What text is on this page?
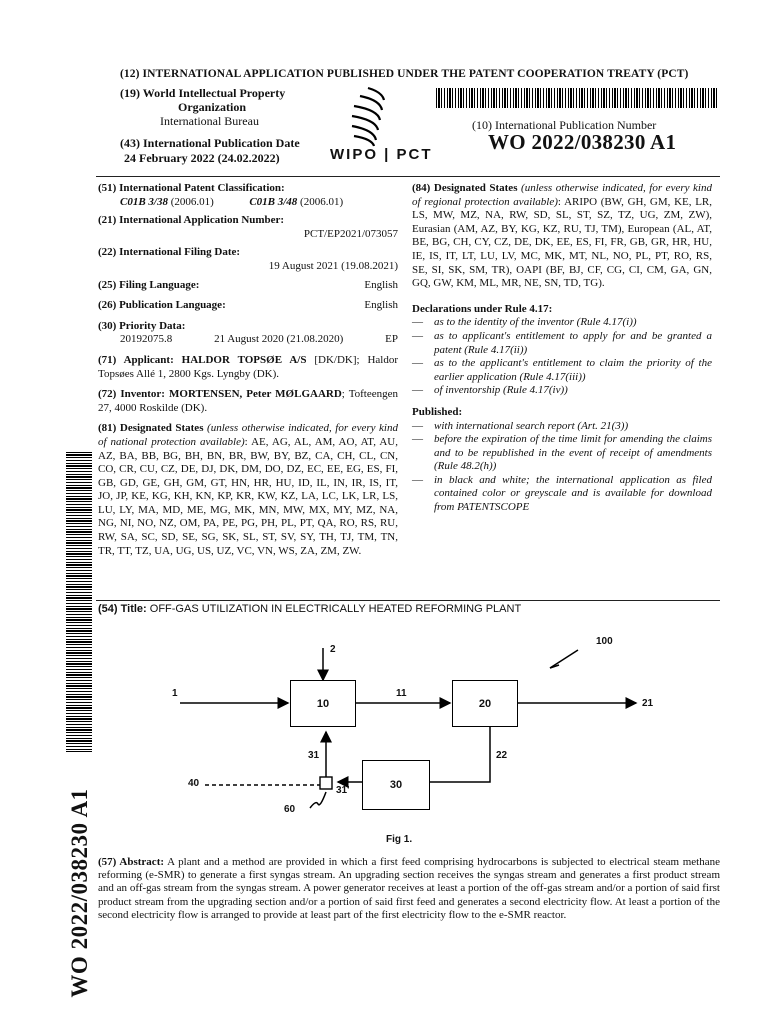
(12) INTERNATIONAL APPLICATION PUBLISHED UNDER THE PATENT COOPERATION TREATY (PCT)
(19) World Intellectual Property
Organization
International Bureau
(43) International Publication Date
24 February 2022 (24.02.2022)	WIPO | PCT
(10) International Publication Number
WO 2022/038230 A1
(51) International Patent Classification:
C01B 3/38 (2006.01)	C01B 3/48 (2006.01)
(21) International Application Number:
PCT/EP2021/073057
(22) International Filing Date:
19 August 2021 (19.08.2021)
(25) Filing Language:	English
(26) Publication Language:	English
(30) Priority Data:
20192075.8	21 August 2020 (21.08.2020)	EP
(71) Applicant: HALDOR TOPSØE A/S [DK/DK]; Haldor Topsøes Allé 1, 2800 Kgs. Lyngby (DK).
(72) Inventor: MORTENSEN, Peter MØLGAARD; Tofteengen 27, 4000 Roskilde (DK).
(81) Designated States (unless otherwise indicated, for every kind of national protection available): AE, AG, AL, AM, AO, AT, AU, AZ, BA, BB, BG, BH, BN, BR, BW, BY, BZ, CA, CH, CL, CN, CO, CR, CU, CZ, DE, DJ, DK, DM, DO, DZ, EC, EE, EG, ES, FI, GB, GD, GE, GH, GM, GT, HN, HR, HU, ID, IL, IN, IR, IS, IT, JO, JP, KE, KG, KH, KN, KP, KR, KW, KZ, LA, LC, LK, LR, LS, LU, LY, MA, MD, ME, MG, MK, MN, MW, MX, MY, MZ, NA, NG, NI, NO, NZ, OM, PA, PE, PG, PH, PL, PT, QA, RO, RS, RU, RW, SA, SC, SD, SE, SG, SK, SL, ST, SV, SY, TH, TJ, TM, TN, TR, TT, TZ, UA, UG, US, UZ, VC, VN, WS, ZA, ZM, ZW.
(84) Designated States (unless otherwise indicated, for every kind of regional protection available): ARIPO (BW, GH, GM, KE, LR, LS, MW, MZ, NA, RW, SD, SL, ST, SZ, TZ, UG, ZM, ZW), Eurasian (AM, AZ, BY, KG, KZ, RU, TJ, TM), European (AL, AT, BE, BG, CH, CY, CZ, DE, DK, EE, ES, FI, FR, GB, GR, HR, HU, IE, IS, IT, LT, LU, LV, MC, MK, MT, NL, NO, PL, PT, RO, RS, SE, SI, SK, SM, TR), OAPI (BF, BJ, CF, CG, CI, CM, GA, GN, GQ, GW, KM, ML, MR, NE, SN, TD, TG).
Declarations under Rule 4.17:
—	as to the identity of the inventor (Rule 4.17(i))
—	as to applicant's entitlement to apply for and be granted a patent (Rule 4.17(ii))
—	as to the applicant's entitlement to claim the priority of the earlier application (Rule 4.17(iii))
—	of inventorship (Rule 4.17(iv))
Published:
—	with international search report (Art. 21(3))
—	before the expiration of the time limit for amending the claims and to be republished in the event of receipt of amendments (Rule 48.2(h))
—	in black and white; the international application as filed contained color or greyscale and is available for download from PATENTSCOPE
WO 2022/038230 A1
(54) Title: OFF-GAS UTILIZATION IN ELECTRICALLY HEATED REFORMING PLANT
10	20
30
100
1
2
11
21
22
31
31'
40
60
Fig 1.
(57) Abstract: A plant and a method are provided in which a first feed comprising hydrocarbons is subjected to electrical steam methane reforming (e-SMR) to generate a first syngas stream. An upgrading section receives the syngas stream and generates a first product stream and an off-gas stream from the syngas stream. A power generator receives at least a portion of the off-gas stream and/or a portion of said first product stream from the upgrading section and/or a portion of said first feed and generates a second electricity flow. At least a portion of the second electricity flow is arranged to provide at least part of the first electricity flow to the e-SMR reactor.
